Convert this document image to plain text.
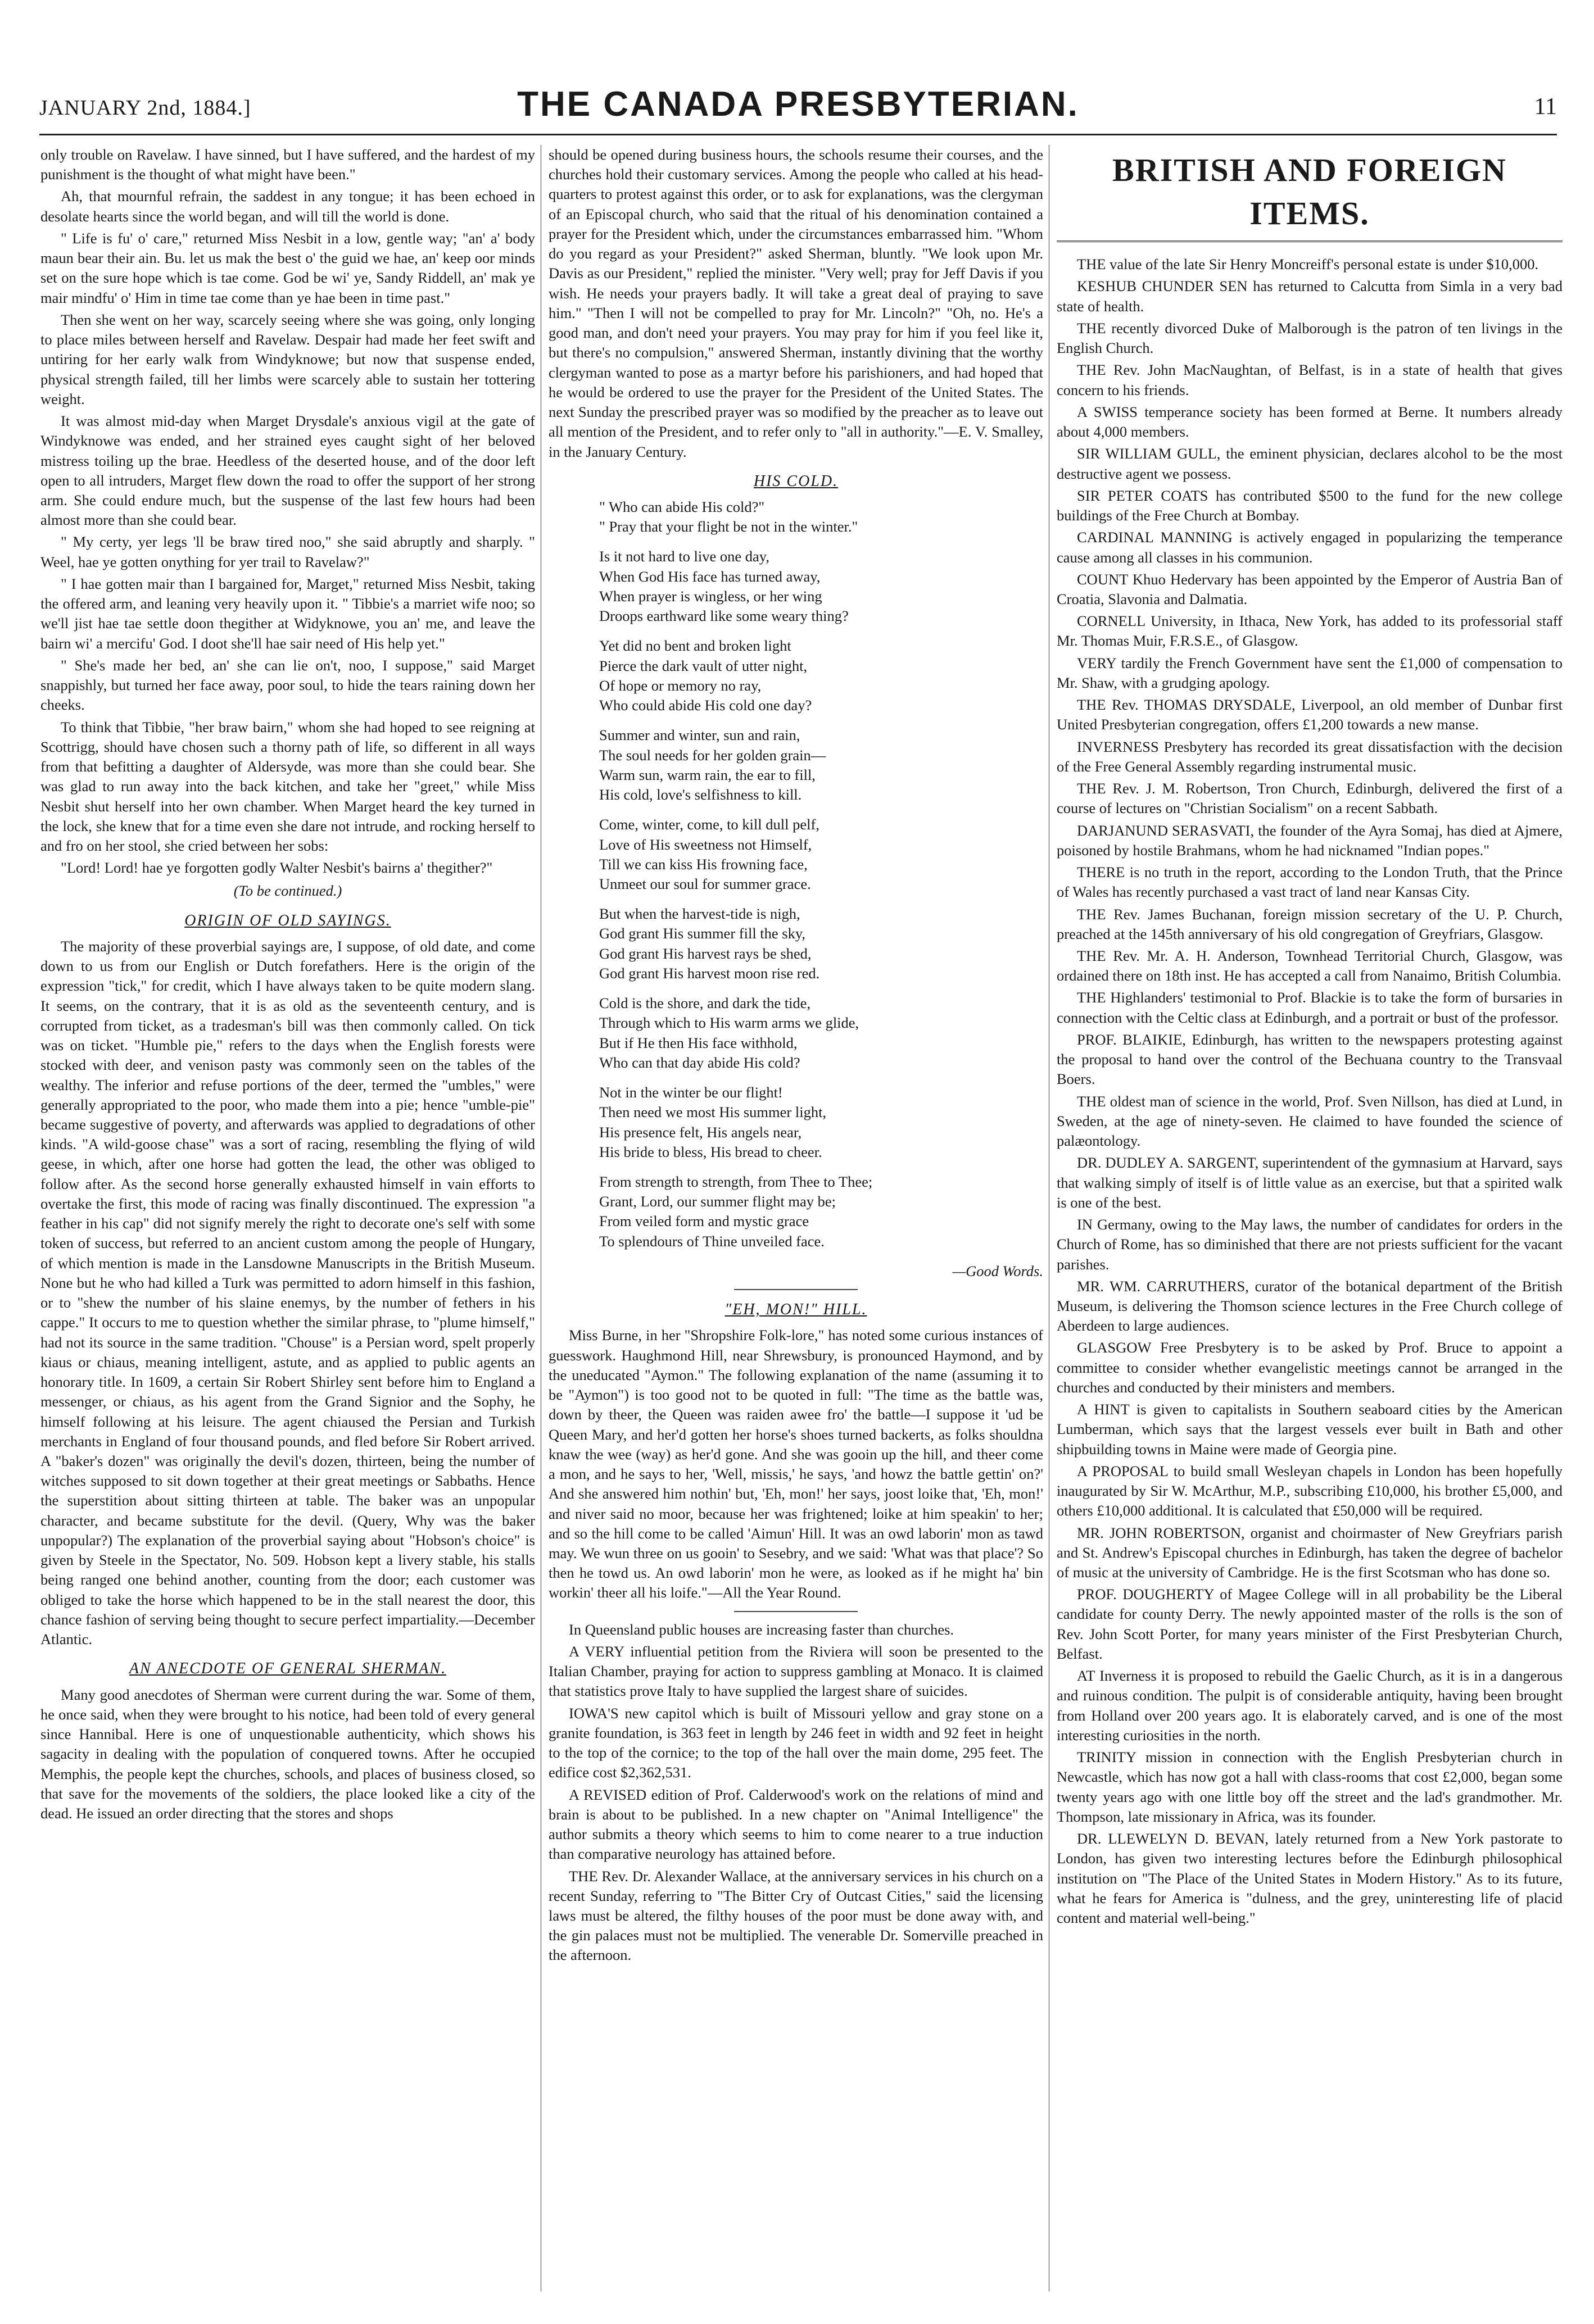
JANUARY 2nd, 1884.]	THE CANADA PRESBYTERIAN.	11

only trouble on Ravelaw. I have sinned, but I have suffered, and the hardest of my punishment is the thought of what might have been."

Ah, that mournful refrain, the saddest in any tongue; it has been echoed in desolate hearts since the world began, and will till the world is done.

" Life is fu' o' care," returned Miss Nesbit in a low, gentle way; "an' a' body maun bear their ain. Bu. let us mak the best o' the guid we hae, an' keep oor minds set on the sure hope which is tae come. God be wi' ye, Sandy Riddell, an' mak ye mair mindfu' o' Him in time tae come than ye hae been in time past."

Then she went on her way, scarcely seeing where she was going, only longing to place miles between herself and Ravelaw. Despair had made her feet swift and untiring for her early walk from Windyknowe; but now that suspense ended, physical strength failed, till her limbs were scarcely able to sustain her tottering weight.

It was almost mid-day when Marget Drysdale's anxious vigil at the gate of Windyknowe was ended, and her strained eyes caught sight of her beloved mistress toiling up the brae. Heedless of the deserted house, and of the door left open to all intruders, Marget flew down the road to offer the support of her strong arm. She could endure much, but the suspense of the last few hours had been almost more than she could bear.

" My certy, yer legs 'll be braw tired noo," she said abruptly and sharply. " Weel, hae ye gotten onything for yer trail to Ravelaw?"

" I hae gotten mair than I bargained for, Marget," returned Miss Nesbit, taking the offered arm, and leaning very heavily upon it. " Tibbie's a marriet wife noo; so we'll jist hae tae settle doon thegither at Widyknowe, you an' me, and leave the bairn wi' a mercifu' God. I doot she'll hae sair need of His help yet."

" She's made her bed, an' she can lie on't, noo, I suppose," said Marget snappishly, but turned her face away, poor soul, to hide the tears raining down her cheeks.

To think that Tibbie, "her braw bairn," whom she had hoped to see reigning at Scottrigg, should have chosen such a thorny path of life, so different in all ways from that befitting a daughter of Aldersyde, was more than she could bear. She was glad to run away into the back kitchen, and take her "greet," while Miss Nesbit shut herself into her own chamber. When Marget heard the key turned in the lock, she knew that for a time even she dare not intrude, and rocking herself to and fro on her stool, she cried between her sobs:

"Lord! Lord! hae ye forgotten godly Walter Nesbit's bairns a' thegither?"

(To be continued.)
ORIGIN OF OLD SAYINGS.

The majority of these proverbial sayings are, I suppose, of old date, and come down to us from our English or Dutch forefathers. Here is the origin of the expression "tick," for credit, which I have always taken to be quite modern slang. It seems, on the contrary, that it is as old as the seventeenth century, and is corrupted from ticket, as a tradesman's bill was then commonly called. On tick was on ticket. "Humble pie," refers to the days when the English forests were stocked with deer, and venison pasty was commonly seen on the tables of the wealthy. The inferior and refuse portions of the deer, termed the "umbles," were generally appropriated to the poor, who made them into a pie; hence "umble-pie" became suggestive of poverty, and afterwards was applied to degradations of other kinds. "A wild-goose chase" was a sort of racing, resembling the flying of wild geese, in which, after one horse had gotten the lead, the other was obliged to follow after. As the second horse generally exhausted himself in vain efforts to overtake the first, this mode of racing was finally discontinued. The expression "a feather in his cap" did not signify merely the right to decorate one's self with some token of success, but referred to an ancient custom among the people of Hungary, of which mention is made in the Lansdowne Manuscripts in the British Museum. None but he who had killed a Turk was permitted to adorn himself in this fashion, or to "shew the number of his slaine enemys, by the number of fethers in his cappe." It occurs to me to question whether the similar phrase, to "plume himself," had not its source in the same tradition. "Chouse" is a Persian word, spelt properly kiaus or chiaus, meaning intelligent, astute, and as applied to public agents an honorary title. In 1609, a certain Sir Robert Shirley sent before him to England a messenger, or chiaus, as his agent from the Grand Signior and the Sophy, he himself following at his leisure. The agent chiaused the Persian and Turkish merchants in England of four thousand pounds, and fled before Sir Robert arrived. A "baker's dozen" was originally the devil's dozen, thirteen, being the number of witches supposed to sit down together at their great meetings or Sabbaths. Hence the superstition about sitting thirteen at table. The baker was an unpopular character, and became substitute for the devil. (Query, Why was the baker unpopular?) The explanation of the proverbial saying about "Hobson's choice" is given by Steele in the Spectator, No. 509. Hobson kept a livery stable, his stalls being ranged one behind another, counting from the door; each customer was obliged to take the horse which happened to be in the stall nearest the door, this chance fashion of serving being thought to secure perfect impartiality.—December Atlantic.

AN ANECDOTE OF GENERAL SHERMAN.

Many good anecdotes of Sherman were current during the war. Some of them, he once said, when they were brought to his notice, had been told of every general since Hannibal. Here is one of unquestionable authenticity, which shows his sagacity in dealing with the population of conquered towns. After he occupied Memphis, the people kept the churches, schools, and places of business closed, so that save for the movements of the soldiers, the place looked like a city of the dead. He issued an order directing that the stores and shops

should be opened during business hours, the schools resume their courses, and the churches hold their customary services. Among the people who called at his head-quarters to protest against this order, or to ask for explanations, was the clergyman of an Episcopal church, who said that the ritual of his denomination contained a prayer for the President which, under the circumstances embarrassed him. "Whom do you regard as your President?" asked Sherman, bluntly. "We look upon Mr. Davis as our President," replied the minister. "Very well; pray for Jeff Davis if you wish. He needs your prayers badly. It will take a great deal of praying to save him." "Then I will not be compelled to pray for Mr. Lincoln?" "Oh, no. He's a good man, and don't need your prayers. You may pray for him if you feel like it, but there's no compulsion," answered Sherman, instantly divining that the worthy clergyman wanted to pose as a martyr before his parishioners, and had hoped that he would be ordered to use the prayer for the President of the United States. The next Sunday the prescribed prayer was so modified by the preacher as to leave out all mention of the President, and to refer only to "all in authority."—E. V. Smalley, in the January Century.

HIS COLD.
" Who can abide His cold?"
" Pray that your flight be not in the winter."
Is it not hard to live one day,
When God His face has turned away,
When prayer is wingless, or her wing
Droops earthward like some weary thing?
Yet did no bent and broken light
Pierce the dark vault of utter night,
Of hope or memory no ray,
Who could abide His cold one day?
Summer and winter, sun and rain,
The soul needs for her golden grain—
Warm sun, warm rain, the ear to fill,
His cold, love's selfishness to kill.
Come, winter, come, to kill dull pelf,
Love of His sweetness not Himself,
Till we can kiss His frowning face,
Unmeet our soul for summer grace.
But when the harvest-tide is nigh,
God grant His summer fill the sky,
God grant His harvest rays be shed,
God grant His harvest moon rise red.
Cold is the shore, and dark the tide,
Through which to His warm arms we glide,
But if He then His face withhold,
Who can that day abide His cold?
Not in the winter be our flight!
Then need we most His summer light,
His presence felt, His angels near,
His bride to bless, His bread to cheer.
From strength to strength, from Thee to Thee;
Grant, Lord, our summer flight may be;
From veiled form and mystic grace
To splendours of Thine unveiled face.
—Good Words.
"EH, MON!" HILL.

Miss Burne, in her "Shropshire Folk-lore," has noted some curious instances of guesswork. Haughmond Hill, near Shrewsbury, is pronounced Haymond, and by the uneducated "Aymon." The following explanation of the name (assuming it to be "Aymon") is too good not to be quoted in full: "The time as the battle was, down by theer, the Queen was raiden awee fro' the battle—I suppose it 'ud be Queen Mary, and her'd gotten her horse's shoes turned backerts, as folks shouldna knaw the wee (way) as her'd gone. And she was gooin up the hill, and theer come a mon, and he says to her, 'Well, missis,' he says, 'and howz the battle gettin' on?' And she answered him nothin' but, 'Eh, mon!' her says, joost loike that, 'Eh, mon!' and niver said no moor, because her was frightened; loike at him speakin' to her; and so the hill come to be called 'Aimun' Hill. It was an owd laborin' mon as tawd may. We wun three on us gooin' to Sesebry, and we said: 'What was that place'? So then he towd us. An owd laborin' mon he were, as looked as if he might ha' bin workin' theer all his loife."—All the Year Round.

In Queensland public houses are increasing faster than churches.

A VERY influential petition from the Riviera will soon be presented to the Italian Chamber, praying for action to suppress gambling at Monaco. It is claimed that statistics prove Italy to have supplied the largest share of suicides.

IOWA'S new capitol which is built of Missouri yellow and gray stone on a granite foundation, is 363 feet in length by 246 feet in width and 92 feet in height to the top of the cornice; to the top of the hall over the main dome, 295 feet. The edifice cost $2,362,531.

A REVISED edition of Prof. Calderwood's work on the relations of mind and brain is about to be published. In a new chapter on "Animal Intelligence" the author submits a theory which seems to him to come nearer to a true induction than comparative neurology has attained before.

THE Rev. Dr. Alexander Wallace, at the anniversary services in his church on a recent Sunday, referring to "The Bitter Cry of Outcast Cities," said the licensing laws must be altered, the filthy houses of the poor must be done away with, and the gin palaces must not be multiplied. The venerable Dr. Somerville preached in the afternoon.

BRITISH AND FOREIGN ITEMS.

THE value of the late Sir Henry Moncreiff's personal estate is under $10,000.

KESHUB CHUNDER SEN has returned to Calcutta from Simla in a very bad state of health.

THE recently divorced Duke of Malborough is the patron of ten livings in the English Church.

THE Rev. John MacNaughtan, of Belfast, is in a state of health that gives concern to his friends.

A SWISS temperance society has been formed at Berne. It numbers already about 4,000 members.

SIR WILLIAM GULL, the eminent physician, declares alcohol to be the most destructive agent we possess.

SIR PETER COATS has contributed $500 to the fund for the new college buildings of the Free Church at Bombay.

CARDINAL MANNING is actively engaged in popularizing the temperance cause among all classes in his communion.

COUNT Khuo Hedervary has been appointed by the Emperor of Austria Ban of Croatia, Slavonia and Dalmatia.

CORNELL University, in Ithaca, New York, has added to its professorial staff Mr. Thomas Muir, F.R.S.E., of Glasgow.

VERY tardily the French Government have sent the £1,000 of compensation to Mr. Shaw, with a grudging apology.

THE Rev. THOMAS DRYSDALE, Liverpool, an old member of Dunbar first United Presbyterian congregation, offers £1,200 towards a new manse.

INVERNESS Presbytery has recorded its great dissatisfaction with the decision of the Free General Assembly regarding instrumental music.

THE Rev. J. M. Robertson, Tron Church, Edinburgh, delivered the first of a course of lectures on "Christian Socialism" on a recent Sabbath.

DARJANUND SERASVATI, the founder of the Ayra Somaj, has died at Ajmere, poisoned by hostile Brahmans, whom he had nicknamed "Indian popes."

THERE is no truth in the report, according to the London Truth, that the Prince of Wales has recently purchased a vast tract of land near Kansas City.

THE Rev. James Buchanan, foreign mission secretary of the U. P. Church, preached at the 145th anniversary of his old congregation of Greyfriars, Glasgow.

THE Rev. Mr. A. H. Anderson, Townhead Territorial Church, Glasgow, was ordained there on 18th inst. He has accepted a call from Nanaimo, British Columbia.

THE Highlanders' testimonial to Prof. Blackie is to take the form of bursaries in connection with the Celtic class at Edinburgh, and a portrait or bust of the professor.

PROF. BLAIKIE, Edinburgh, has written to the newspapers protesting against the proposal to hand over the control of the Bechuana country to the Transvaal Boers.

THE oldest man of science in the world, Prof. Sven Nillson, has died at Lund, in Sweden, at the age of ninety-seven. He claimed to have founded the science of palæontology.

DR. DUDLEY A. SARGENT, superintendent of the gymnasium at Harvard, says that walking simply of itself is of little value as an exercise, but that a spirited walk is one of the best.

IN Germany, owing to the May laws, the number of candidates for orders in the Church of Rome, has so diminished that there are not priests sufficient for the vacant parishes.

MR. WM. CARRUTHERS, curator of the botanical department of the British Museum, is delivering the Thomson science lectures in the Free Church college of Aberdeen to large audiences.

GLASGOW Free Presbytery is to be asked by Prof. Bruce to appoint a committee to consider whether evangelistic meetings cannot be arranged in the churches and conducted by their ministers and members.

A HINT is given to capitalists in Southern seaboard cities by the American Lumberman, which says that the largest vessels ever built in Bath and other shipbuilding towns in Maine were made of Georgia pine.

A PROPOSAL to build small Wesleyan chapels in London has been hopefully inaugurated by Sir W. McArthur, M.P., subscribing £10,000, his brother £5,000, and others £10,000 additional. It is calculated that £50,000 will be required.

MR. JOHN ROBERTSON, organist and choirmaster of New Greyfriars parish and St. Andrew's Episcopal churches in Edinburgh, has taken the degree of bachelor of music at the university of Cambridge. He is the first Scotsman who has done so.

PROF. DOUGHERTY of Magee College will in all probability be the Liberal candidate for county Derry. The newly appointed master of the rolls is the son of Rev. John Scott Porter, for many years minister of the First Presbyterian Church, Belfast.

AT Inverness it is proposed to rebuild the Gaelic Church, as it is in a dangerous and ruinous condition. The pulpit is of considerable antiquity, having been brought from Holland over 200 years ago. It is elaborately carved, and is one of the most interesting curiosities in the north.

TRINITY mission in connection with the English Presbyterian church in Newcastle, which has now got a hall with class-rooms that cost £2,000, began some twenty years ago with one little boy off the street and the lad's grandmother. Mr. Thompson, late missionary in Africa, was its founder.

DR. LLEWELYN D. BEVAN, lately returned from a New York pastorate to London, has given two interesting lectures before the Edinburgh philosophical institution on "The Place of the United States in Modern History." As to its future, what he fears for America is "dulness, and the grey, uninteresting life of placid content and material well-being."
